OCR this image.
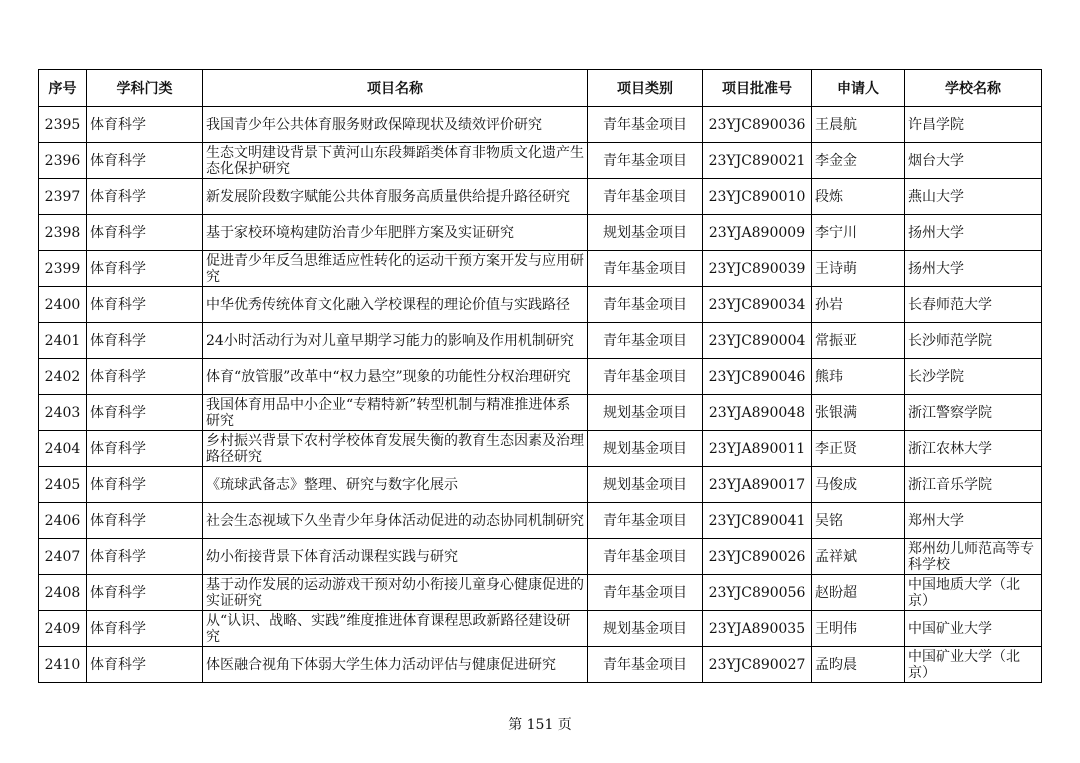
序号	学科门类	项目名称	项目类别	项目批准号	申请人	学校名称
2395	体育科学	我国青少年公共体育服务财政保障现状及绩效评价研究	青年基金项目	23YJC890036	王晨航	许昌学院
2396	体育科学	生态文明建设背景下黄河山东段舞蹈类体育非物质文化遗产生态化保护研究	青年基金项目	23YJC890021	李金金	烟台大学
2397	体育科学	新发展阶段数字赋能公共体育服务高质量供给提升路径研究	青年基金项目	23YJC890010	段炼	燕山大学
2398	体育科学	基于家校环境构建防治青少年肥胖方案及实证研究	规划基金项目	23YJA890009	李宁川	扬州大学
2399	体育科学	促进青少年反刍思维适应性转化的运动干预方案开发与应用研究	青年基金项目	23YJC890039	王诗萌	扬州大学
2400	体育科学	中华优秀传统体育文化融入学校课程的理论价值与实践路径	青年基金项目	23YJC890034	孙岩	长春师范大学
2401	体育科学	24小时活动行为对儿童早期学习能力的影响及作用机制研究	青年基金项目	23YJC890004	常振亚	长沙师范学院
2402	体育科学	体育“放管服”改革中“权力悬空”现象的功能性分权治理研究	青年基金项目	23YJC890046	熊玮	长沙学院
2403	体育科学	我国体育用品中小企业“专精特新”转型机制与精准推进体系研究	规划基金项目	23YJA890048	张银满	浙江警察学院
2404	体育科学	乡村振兴背景下农村学校体育发展失衡的教育生态因素及治理路径研究	规划基金项目	23YJA890011	李正贤	浙江农林大学
2405	体育科学	《琉球武备志》整理、研究与数字化展示	规划基金项目	23YJA890017	马俊成	浙江音乐学院
2406	体育科学	社会生态视域下久坐青少年身体活动促进的动态协同机制研究	青年基金项目	23YJC890041	吴铭	郑州大学
2407	体育科学	幼小衔接背景下体育活动课程实践与研究	青年基金项目	23YJC890026	孟祥斌	郑州幼儿师范高等专科学校
2408	体育科学	基于动作发展的运动游戏干预对幼小衔接儿童身心健康促进的实证研究	青年基金项目	23YJC890056	赵盼超	中国地质大学（北京）
2409	体育科学	从“认识、战略、实践”维度推进体育课程思政新路径建设研究	规划基金项目	23YJA890035	王明伟	中国矿业大学
2410	体育科学	体医融合视角下体弱大学生体力活动评估与健康促进研究	青年基金项目	23YJC890027	孟昀晨	中国矿业大学（北京）
第 151 页
